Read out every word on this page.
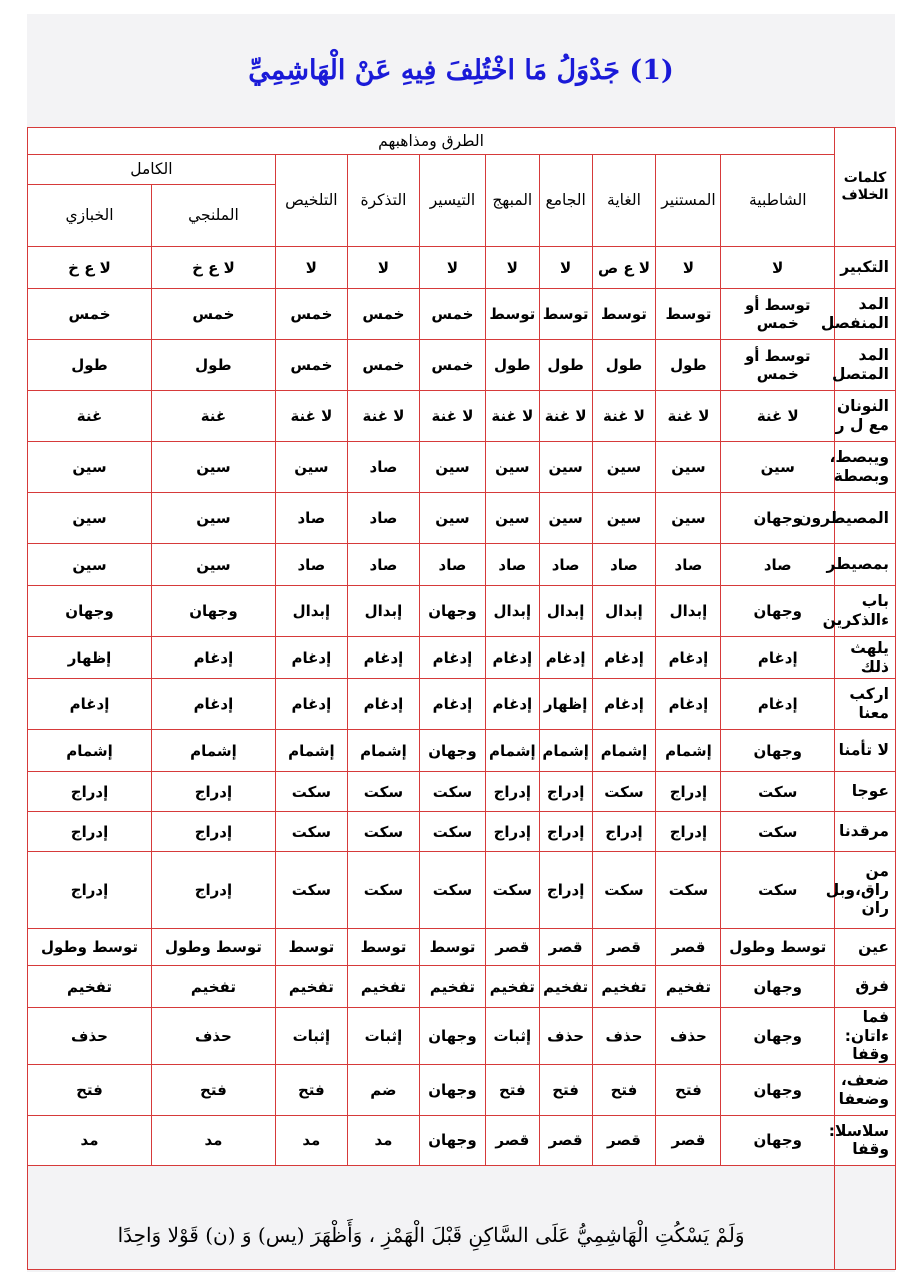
(1) جَدْوَلُ مَا اخْتُلِفَ فِيهِ عَنْ الْهَاشِمِيِّ
كلمات الخلاف	الطرق ومذاهبهم									
	الشاطبية	المستنير	الغاية	الجامع	المبهج	التيسير	التذكرة	التلخيص	الكامل	
									الملنجي	الخبازي
التكبير	لا	لا	لا ع ص	لا	لا	لا	لا	لا	لا ع خ	لا ع خ
المد المنفصل	توسط أو خمس	توسط	توسط	توسط	توسط	خمس	خمس	خمس	خمس	خمس
المد المتصل	توسط أو خمس	طول	طول	طول	طول	خمس	خمس	خمس	طول	طول
النونان مع ل ر	لا غنة	لا غنة	لا غنة	لا غنة	لا غنة	لا غنة	لا غنة	لا غنة	غنة	غنة
ويبصط، وبصطة	سين	سين	سين	سين	سين	سين	صاد	سين	سين	سين
المصيطرون	وجهان	سين	سين	سين	سين	سين	صاد	صاد	سين	سين
بمصيطر	صاد	صاد	صاد	صاد	صاد	صاد	صاد	صاد	سين	سين
باب ءالذكرين	وجهان	إبدال	إبدال	إبدال	إبدال	وجهان	إبدال	إبدال	وجهان	وجهان
يلهث ذلك	إدغام	إدغام	إدغام	إدغام	إدغام	إدغام	إدغام	إدغام	إدغام	إظهار
اركب معنا	إدغام	إدغام	إدغام	إظهار	إدغام	إدغام	إدغام	إدغام	إدغام	إدغام
لا تأمنا	وجهان	إشمام	إشمام	إشمام	إشمام	وجهان	إشمام	إشمام	إشمام	إشمام
عوجا	سكت	إدراج	سكت	إدراج	إدراج	سكت	سكت	سكت	إدراج	إدراج
مرقدنا	سكت	إدراج	إدراج	إدراج	إدراج	سكت	سكت	سكت	إدراج	إدراج
من راق،وبل ران	سكت	سكت	سكت	إدراج	سكت	سكت	سكت	سكت	إدراج	إدراج
عين	توسط وطول	قصر	قصر	قصر	قصر	توسط	توسط	توسط	توسط وطول	توسط وطول
فرق	وجهان	تفخيم	تفخيم	تفخيم	تفخيم	تفخيم	تفخيم	تفخيم	تفخيم	تفخيم
فما ءاتان: وقفا	وجهان	حذف	حذف	حذف	إثبات	وجهان	إثبات	إثبات	حذف	حذف
ضعف، وضعفا	وجهان	فتح	فتح	فتح	فتح	وجهان	ضم	فتح	فتح	فتح
سلاسلا: وقفا	وجهان	قصر	قصر	قصر	قصر	وجهان	مد	مد	مد	مد
	وَلَمْ يَسْكُتِ الْهَاشِمِيُّ عَلَى السَّاكِنِ قَبْلَ الْهَمْزِ ، وَأَظْهَرَ (يس) وَ (ن) قَوْلا وَاحِدًا									
